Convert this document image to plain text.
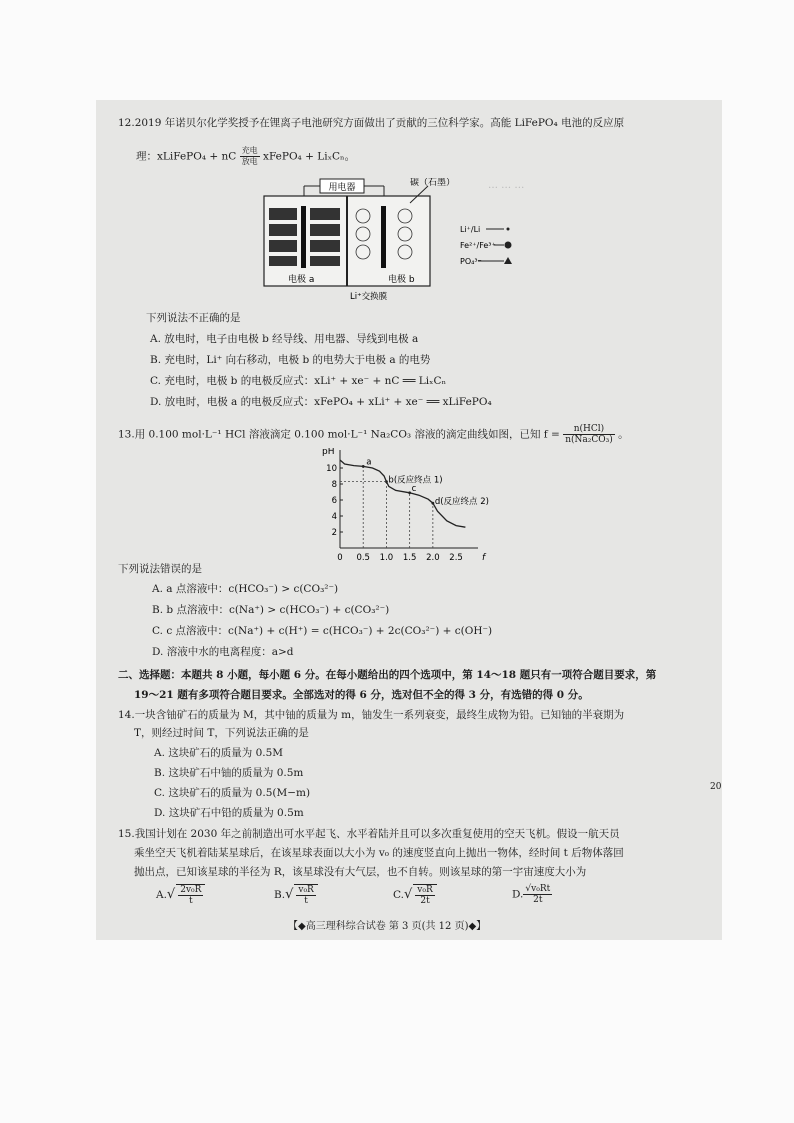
… … …
12.2019 年诺贝尔化学奖授予在锂离子电池研究方面做出了贡献的三位科学家。高能 LiFePO₄ 电池的反应原
理：xLiFePO₄ + nC $\frac{\text{充电}}{\text{放电}}$ xFePO₄ + LiₓCₙ。
用电器	碳（石墨）
电极 a	电极 b
Li⁺交换膜
Li⁺/Li
Fe²⁺/Fe³⁺
PO₄³⁻
下列说法不正确的是
A. 放电时，电子由电极 b 经导线、用电器、导线到电极 a
B. 充电时，Li⁺ 向右移动，电极 b 的电势大于电极 a 的电势
C. 充电时，电极 b 的电极反应式：xLi⁺ + xe⁻ + nC ══ LiₓCₙ
D. 放电时，电极 a 的电极反应式：xFePO₄ + xLi⁺ + xe⁻ ══ xLiFePO₄
13.用 0.100 mol·L⁻¹ HCl 溶液滴定 0.100 mol·L⁻¹ Na₂CO₃ 溶液的滴定曲线如图，已知 $f = \frac{\text{n(HCl)}}{\text{n(Na₂CO₃)}}$ 。
f
pH
0 0.5 1.0 1.5 2.0 2.5
2
4
6
8
10
a
b(反应终点 1)
c
d(反应终点 2)
下列说法错误的是
A. a 点溶液中：c(HCO₃⁻) > c(CO₃²⁻)
B. b 点溶液中：c(Na⁺) > c(HCO₃⁻) + c(CO₃²⁻)
C. c 点溶液中：c(Na⁺) + c(H⁺) = c(HCO₃⁻) + 2c(CO₃²⁻) + c(OH⁻)
D. 溶液中水的电离程度：a>d
二、选择题：本题共 8 小题，每小题 6 分。在每小题给出的四个选项中，第 14～18 题只有一项符合题目要求，第
19～21 题有多项符合题目要求。全部选对的得 6 分，选对但不全的得 3 分，有选错的得 0 分。
14.一块含铀矿石的质量为 M，其中铀的质量为 m，铀发生一系列衰变，最终生成物为铅。已知铀的半衰期为
T，则经过时间 T，下列说法正确的是
A. 这块矿石的质量为 0.5M
B. 这块矿石中铀的质量为 0.5m
C. 这块矿石的质量为 0.5(M−m)
D. 这块矿石中铅的质量为 0.5m
15.我国计划在 2030 年之前制造出可水平起飞、水平着陆并且可以多次重复使用的空天飞机。假设一航天员
乘坐空天飞机着陆某星球后，在该星球表面以大小为 v₀ 的速度竖直向上抛出一物体，经时间 t 后物体落回
抛出点，已知该星球的半径为 R，该星球没有大气层，也不自转。则该星球的第一宇宙速度大小为
$A.√ \frac{\text{2v₀R}}{t}$	$B.√ \frac{\text{v₀R}}{t}$	$C.√ \frac{\text{v₀R}}{2t}$	D. $\frac{\text{√v₀Rt}}{2t}$
20
【◆高三理科综合试卷 第 3 页(共 12 页)◆】
